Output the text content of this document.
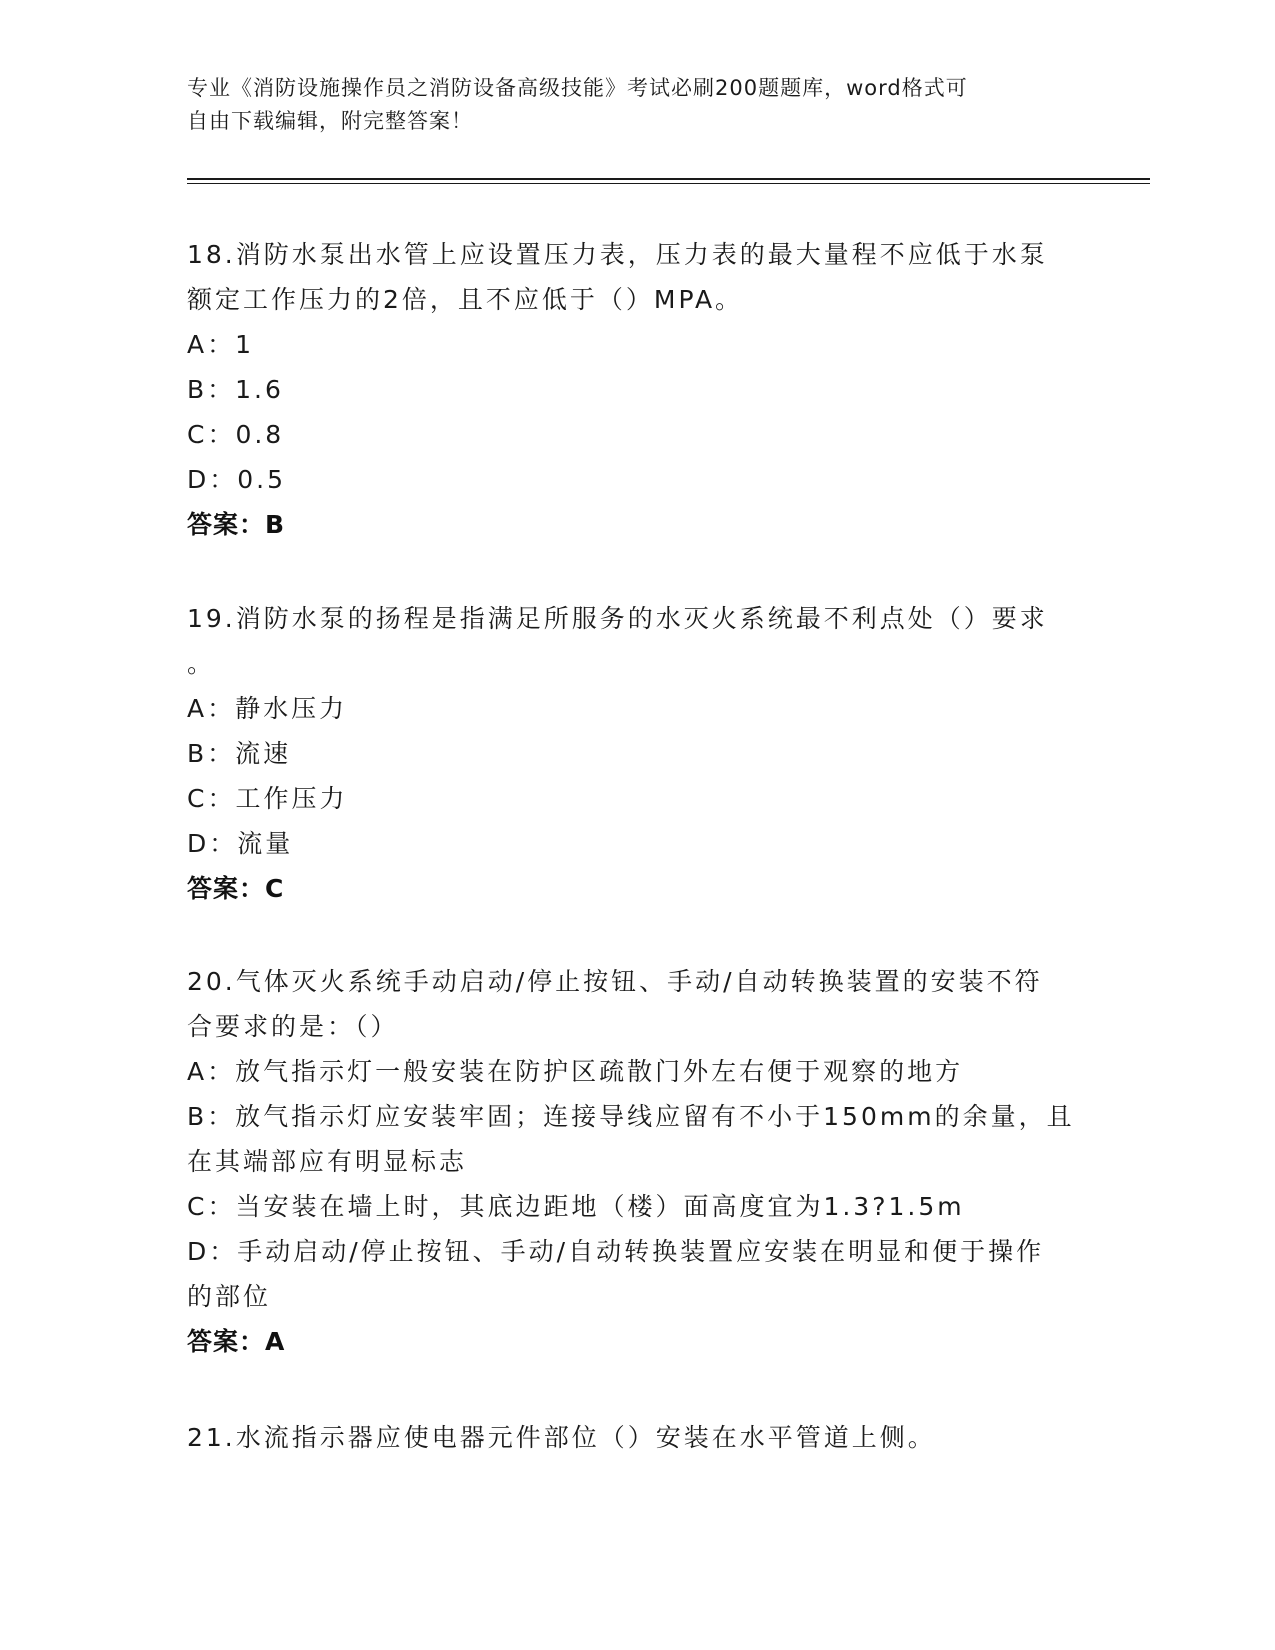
专业《消防设施操作员之消防设备高级技能》考试必刷200题题库，word格式可
自由下载编辑，附完整答案！
18.消防水泵出水管上应设置压力表，压力表的最大量程不应低于水泵
额定工作压力的2倍，且不应低于（）MPA。
A：1
B：1.6
C：0.8
D：0.5
答案：B
19.消防水泵的扬程是指满足所服务的水灭火系统最不利点处（）要求
。
A：静水压力
B：流速
C：工作压力
D：流量
答案：C
20.气体灭火系统手动启动/停止按钮、手动/自动转换装置的安装不符
合要求的是：（）
A：放气指示灯一般安装在防护区疏散门外左右便于观察的地方
B：放气指示灯应安装牢固；连接导线应留有不小于150mm的余量，且
在其端部应有明显标志
C：当安装在墙上时，其底边距地（楼）面高度宜为1.3?1.5m
D：手动启动/停止按钮、手动/自动转换装置应安装在明显和便于操作
的部位
答案：A
21.水流指示器应使电器元件部位（）安装在水平管道上侧。
